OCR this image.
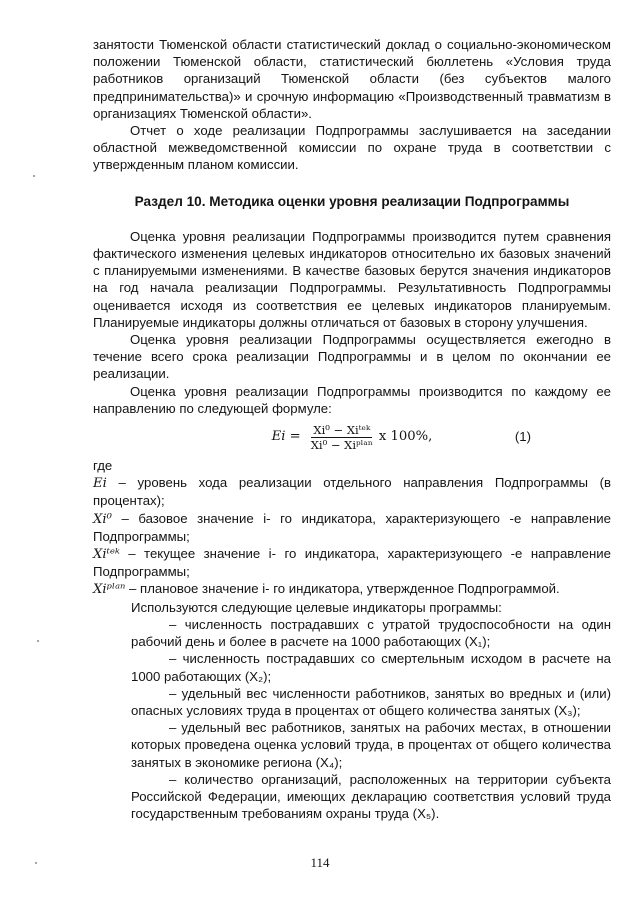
занятости Тюменской области статистический доклад о социально-экономическом положении Тюменской области, статистический бюллетень «Условия труда работников организаций Тюменской области (без субъектов малого предпринимательства)» и срочную информацию «Производственный травматизм в организациях Тюменской области».

Отчет о ходе реализации Подпрограммы заслушивается на заседании областной межведомственной комиссии по охране труда в соответствии с утвержденным планом комиссии.

Раздел 10. Методика оценки уровня реализации Подпрограммы

Оценка уровня реализации Подпрограммы производится путем сравнения фактического изменения целевых индикаторов относительно их базовых значений с планируемыми изменениями. В качестве базовых берутся значения индикаторов на год начала реализации Подпрограммы. Результативность Подпрограммы оценивается исходя из соответствия ее целевых индикаторов планируемым. Планируемые индикаторы должны отличаться от базовых в сторону улучшения.

Оценка уровня реализации Подпрограммы осуществляется ежегодно в течение всего срока реализации Подпрограммы и в целом по окончании ее реализации.

Оценка уровня реализации Подпрограммы производится по каждому ее направлению по следующей формуле:

$Ei = \frac{\text{Xi⁰ − Xiᵗᵉᵏ}}{\text{Xi⁰ − Xiᵖˡᵃⁿ}}$ x 100%,	(1)

где

Ei – уровень хода реализации отдельного направления Подпрограммы (в процентах);

Xi⁰ – базовое значение i- го индикатора, характеризующего -е направление Подпрограммы;

Xiᵗᵉᵏ – текущее значение i- го индикатора, характеризующего -е направление Подпрограммы;

Xiᵖˡᵃⁿ – плановое значение i- го индикатора, утвержденное Подпрограммой.

Используются следующие целевые индикаторы программы:

– численность пострадавших с утратой трудоспособности на один рабочий день и более в расчете на 1000 работающих (X₁);

– численность пострадавших со смертельным исходом в расчете на 1000 работающих (X₂);

– удельный вес численности работников, занятых во вредных и (или) опасных условиях труда в процентах от общего количества занятых (X₃);

– удельный вес работников, занятых на рабочих местах, в отношении которых проведена оценка условий труда, в процентах от общего количества занятых в экономике региона (X₄);

– количество организаций, расположенных на территории субъекта Российской Федерации, имеющих декларацию соответствия условий труда государственным требованиям охраны труда (X₅).

114
